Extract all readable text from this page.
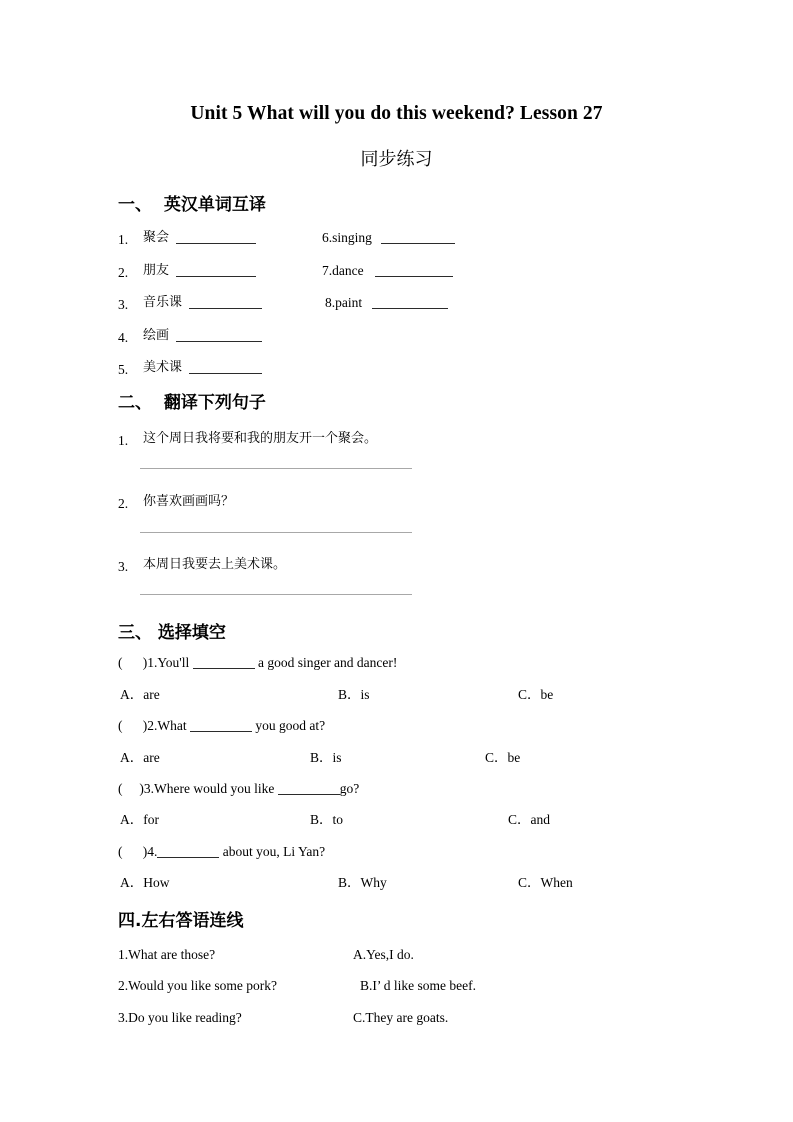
Unit 5 What will you do this weekend? Lesson 27
同步练习
一、  英汉单词互译
1. 聚会
2. 朋友
3. 音乐课
4. 绘画
5. 美术课
6.singing
7.dance
8.paint
二、  翻译下列句子
1. 这个周日我将要和我的朋友开一个聚会。
2. 你喜欢画画吗？
3. 本周日我要去上美术课。
三、 选择填空
(      )1.You'll	a good singer and dancer!
A．are	B．is	C．be
(      )2.What	you good at?
A．are	B．is	C．be
(     )3.Where would you like	go?
A．for	B．to	C．and
(      )4.	about you, Li Yan?
A．How	B．Why	C．When
四.左右答语连线
1.What are those?	A.Yes,I do.
2.Would you like some pork?	B.I’ d like some beef.
3.Do you like reading?	C.They are goats.
